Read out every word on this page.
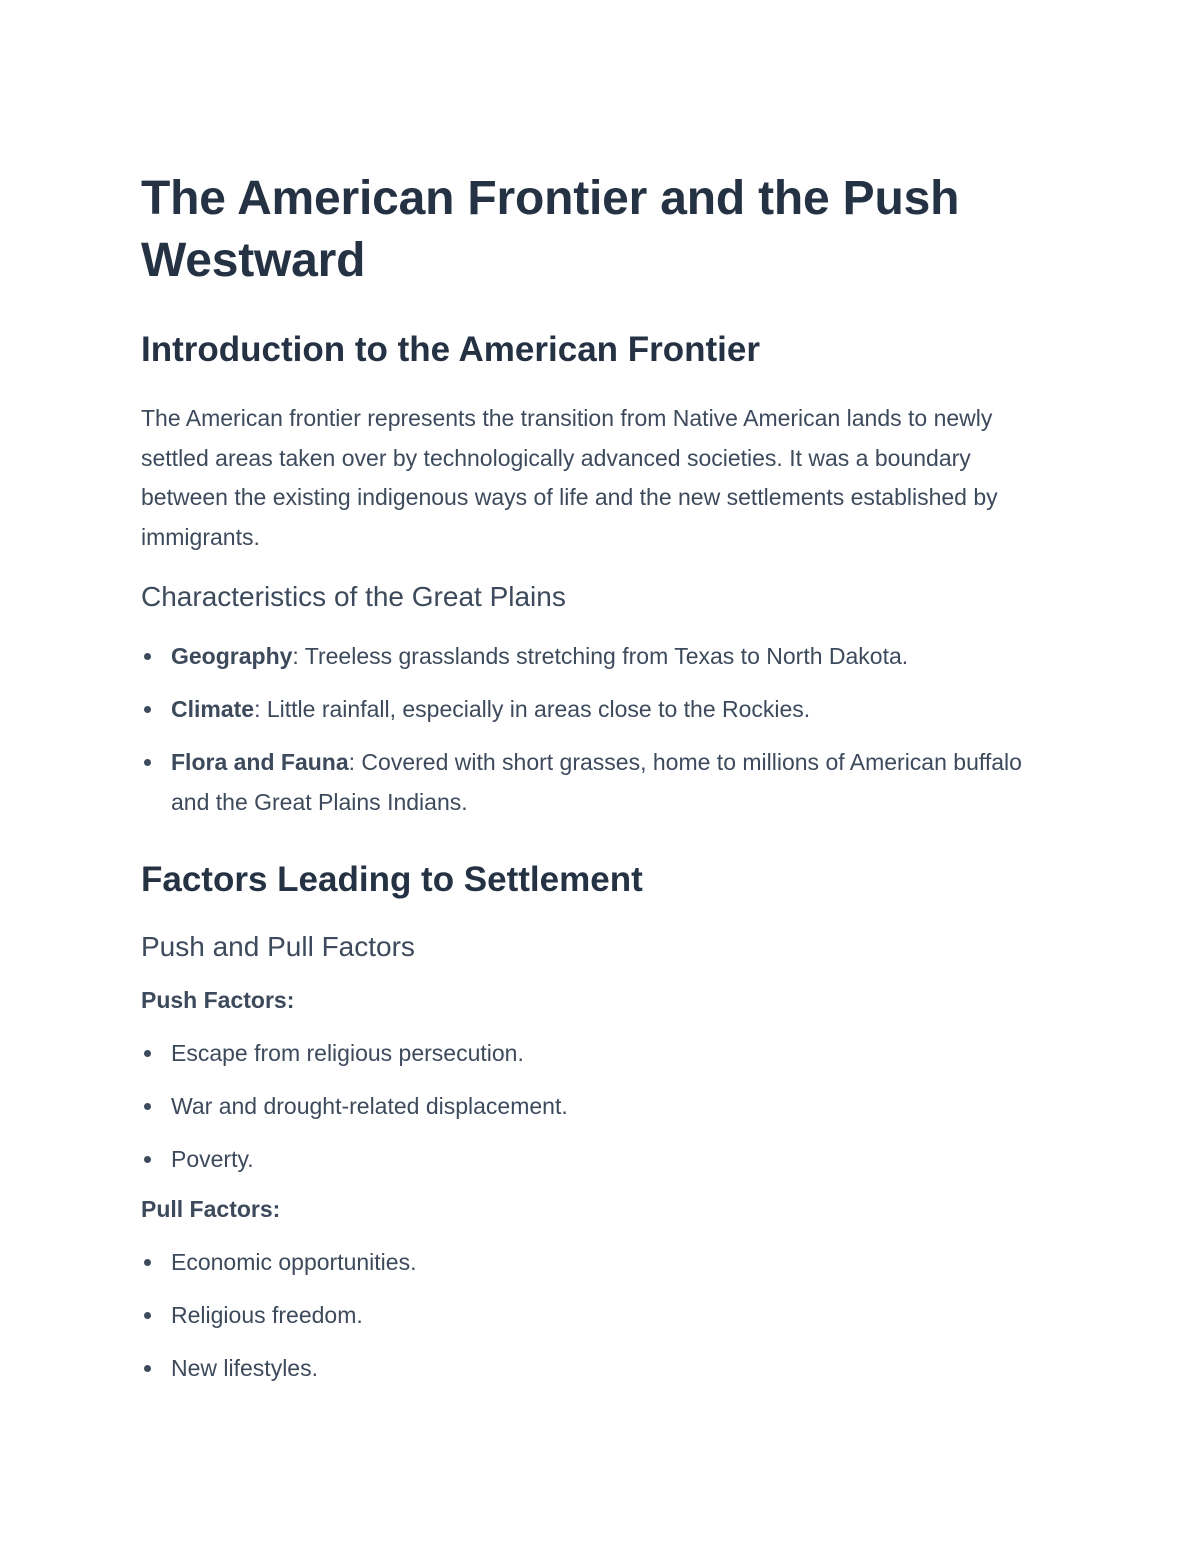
The American Frontier and the Push Westward
Introduction to the American Frontier

The American frontier represents the transition from Native American lands to newly settled areas taken over by technologically advanced societies. It was a boundary between the existing indigenous ways of life and the new settlements established by immigrants.

Characteristics of the Great Plains
Geography: Treeless grasslands stretching from Texas to North Dakota.
Climate: Little rainfall, especially in areas close to the Rockies.
Flora and Fauna: Covered with short grasses, home to millions of American buffalo and the Great Plains Indians.
Factors Leading to Settlement
Push and Pull Factors
Push Factors:
Escape from religious persecution.
War and drought-related displacement.
Poverty.
Pull Factors:
Economic opportunities.
Religious freedom.
New lifestyles.
